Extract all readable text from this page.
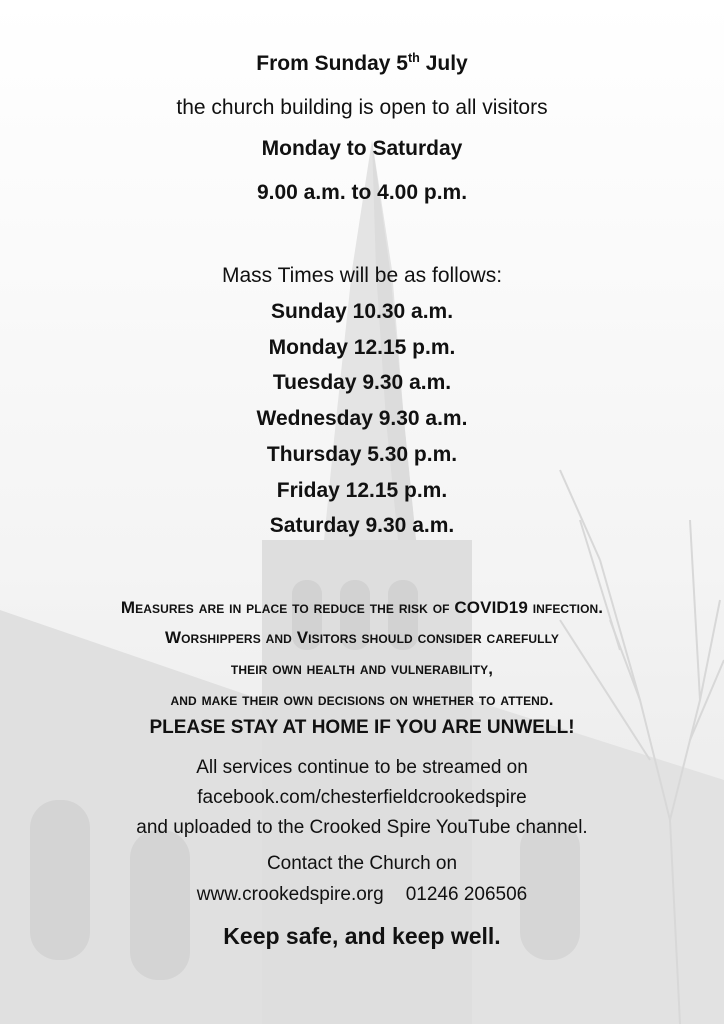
From Sunday 5th July
the church building is open to all visitors
Monday to Saturday
9.00 a.m. to 4.00 p.m.
Mass Times will be as follows:
Sunday 10.30 a.m.
Monday 12.15 p.m.
Tuesday 9.30 a.m.
Wednesday 9.30 a.m.
Thursday 5.30 p.m.
Friday 12.15 p.m.
Saturday 9.30 a.m.
Measures are in place to reduce the risk of COVID19 infection.
Worshippers and Visitors should consider carefully
their own health and vulnerability,
and make their own decisions on whether to attend.
PLEASE STAY AT HOME IF YOU ARE UNWELL!
All services continue to be streamed on
facebook.com/chesterfieldcrookedspire
and uploaded to the Crooked Spire YouTube channel.
Contact the Church on
www.crookedspire.org 01246 206506
Keep safe, and keep well.
